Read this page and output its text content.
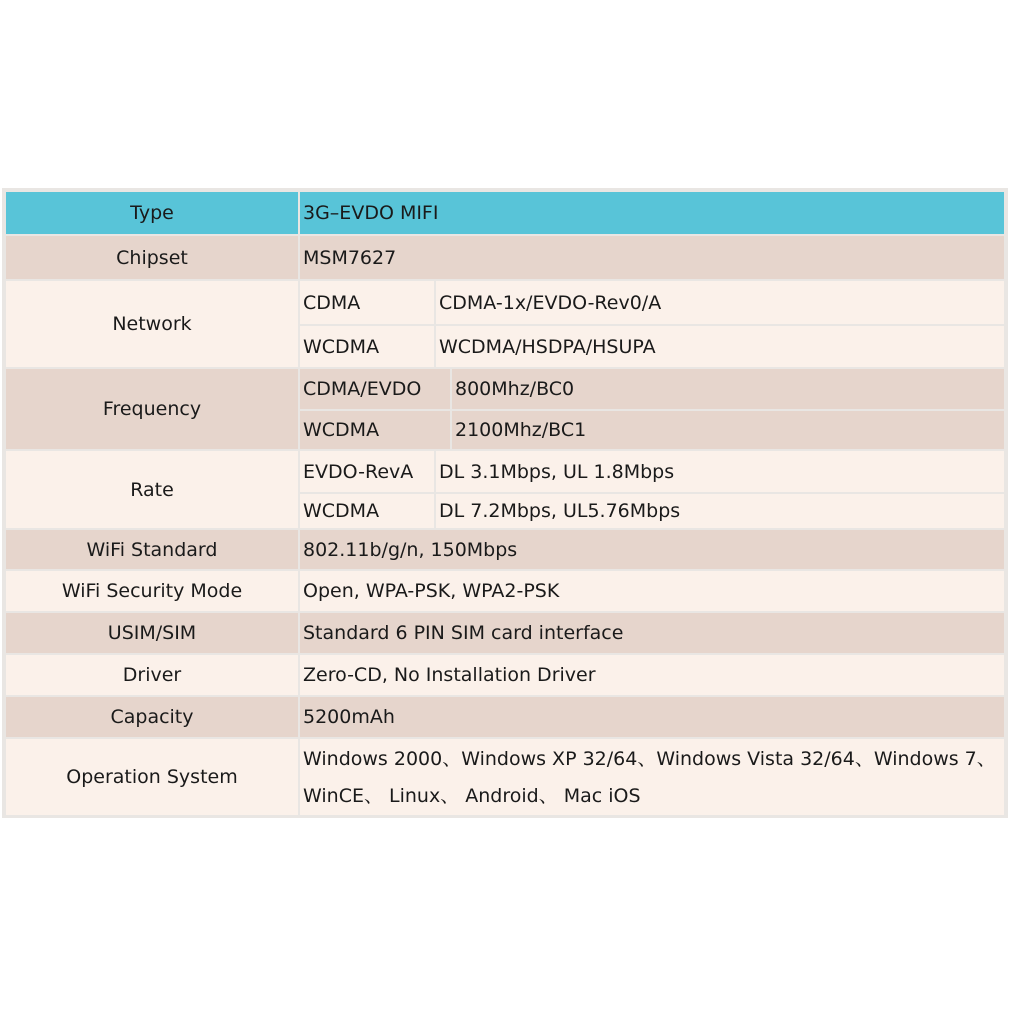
Type	3G–EVDO MIFI
Chipset	MSM7627
Network
CDMA	CDMA-1x/EVDO-Rev0/A
WCDMA	WCDMA/HSDPA/HSUPA
Frequency
CDMA/EVDO	800Mhz/BC0
WCDMA	2100Mhz/BC1
Rate
EVDO-RevA	DL 3.1Mbps, UL 1.8Mbps
WCDMA	DL 7.2Mbps, UL5.76Mbps
WiFi Standard	802.11b/g/n, 150Mbps
WiFi Security Mode	Open, WPA-PSK, WPA2-PSK
USIM/SIM	Standard 6 PIN SIM card interface
Driver	Zero-CD, No Installation Driver
Capacity	5200mAh
Operation System
Windows 2000、Windows XP 32/64、Windows Vista 32/64、Windows 7、
WinCE、 Linux、 Android、 Mac iOS
